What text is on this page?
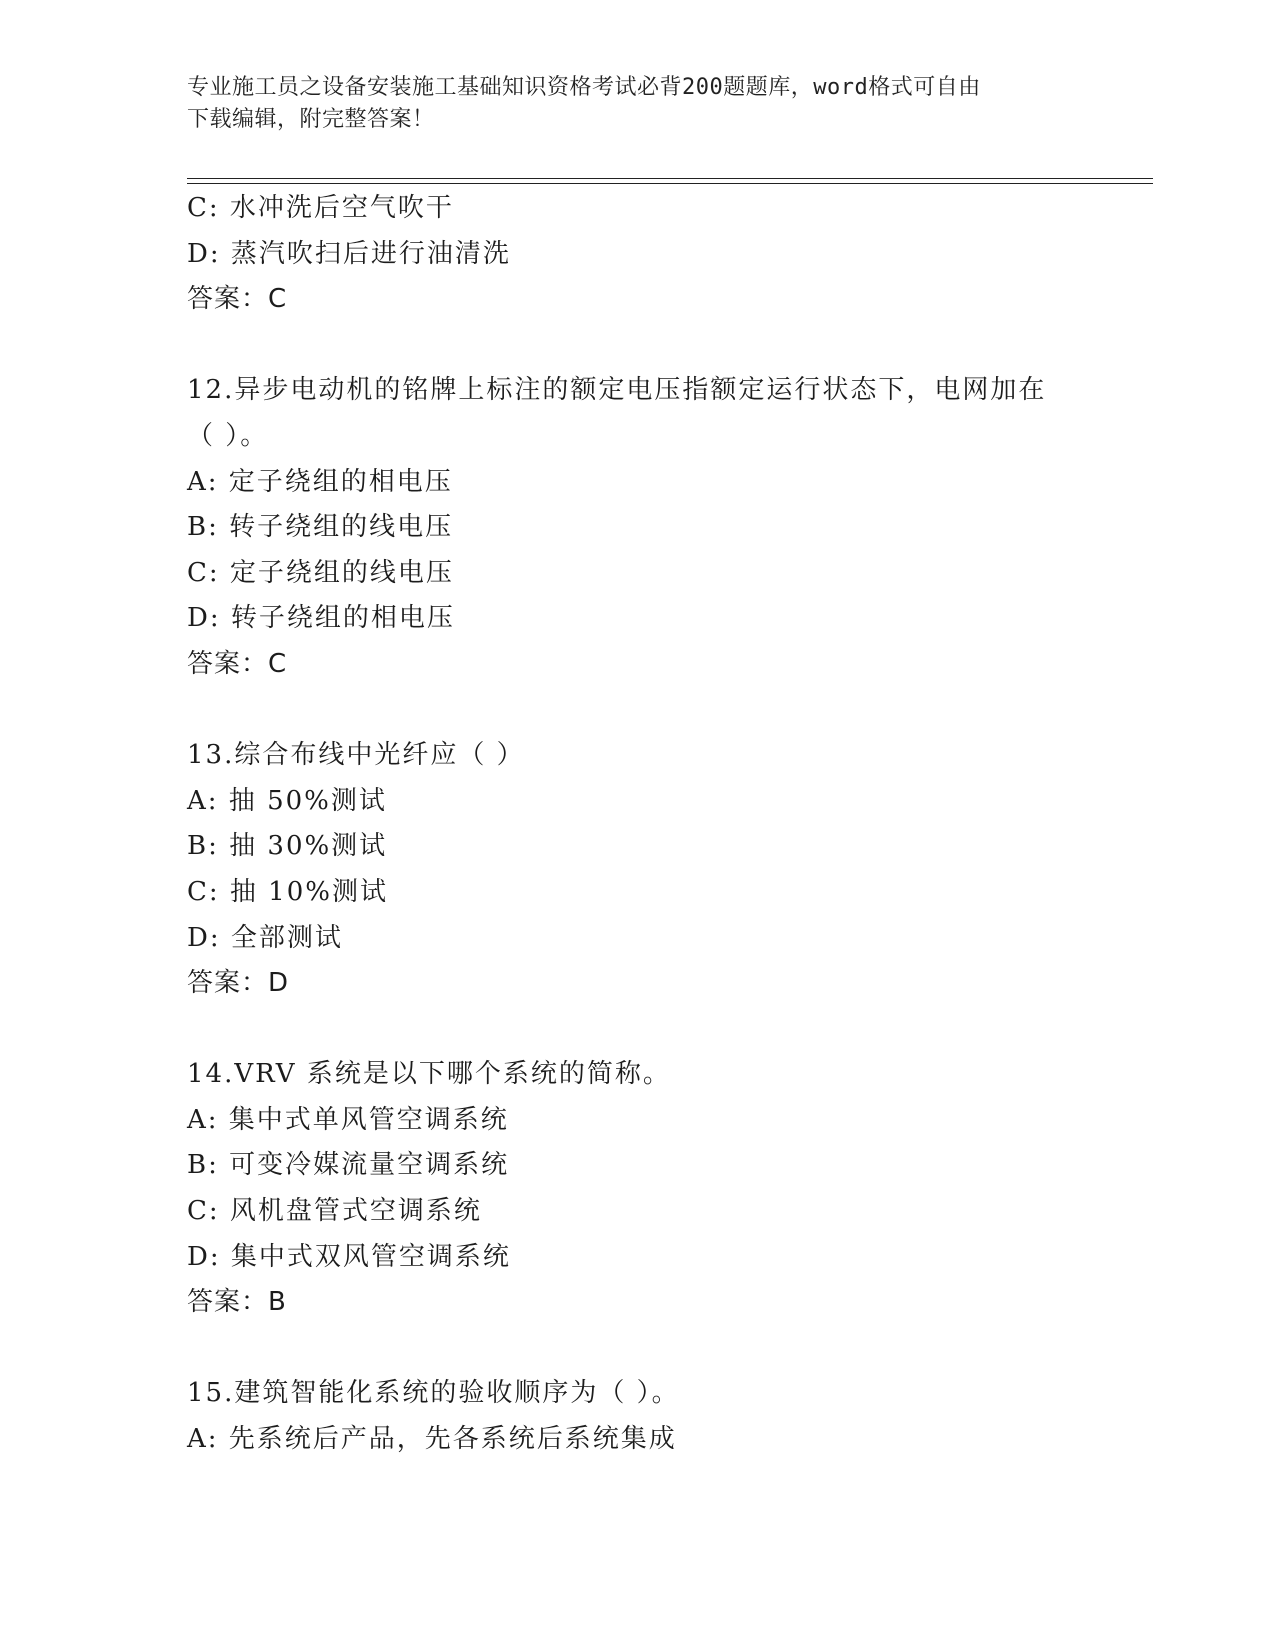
专业施工员之设备安装施工基础知识资格考试必背200题题库，word格式可自由
下载编辑，附完整答案！
C: 水冲洗后空气吹干
D: 蒸汽吹扫后进行油清洗
答案：C
12.异步电动机的铭牌上标注的额定电压指额定运行状态下，电网加在
（ ）。
A: 定子绕组的相电压
B: 转子绕组的线电压
C: 定子绕组的线电压
D: 转子绕组的相电压
答案：C
13.综合布线中光纤应（ ）
A: 抽 50%测试
B: 抽 30%测试
C: 抽 10%测试
D: 全部测试
答案：D
14.VRV 系统是以下哪个系统的简称。
A: 集中式单风管空调系统
B: 可变冷媒流量空调系统
C: 风机盘管式空调系统
D: 集中式双风管空调系统
答案：B
15.建筑智能化系统的验收顺序为（ ）。
A: 先系统后产品，先各系统后系统集成
